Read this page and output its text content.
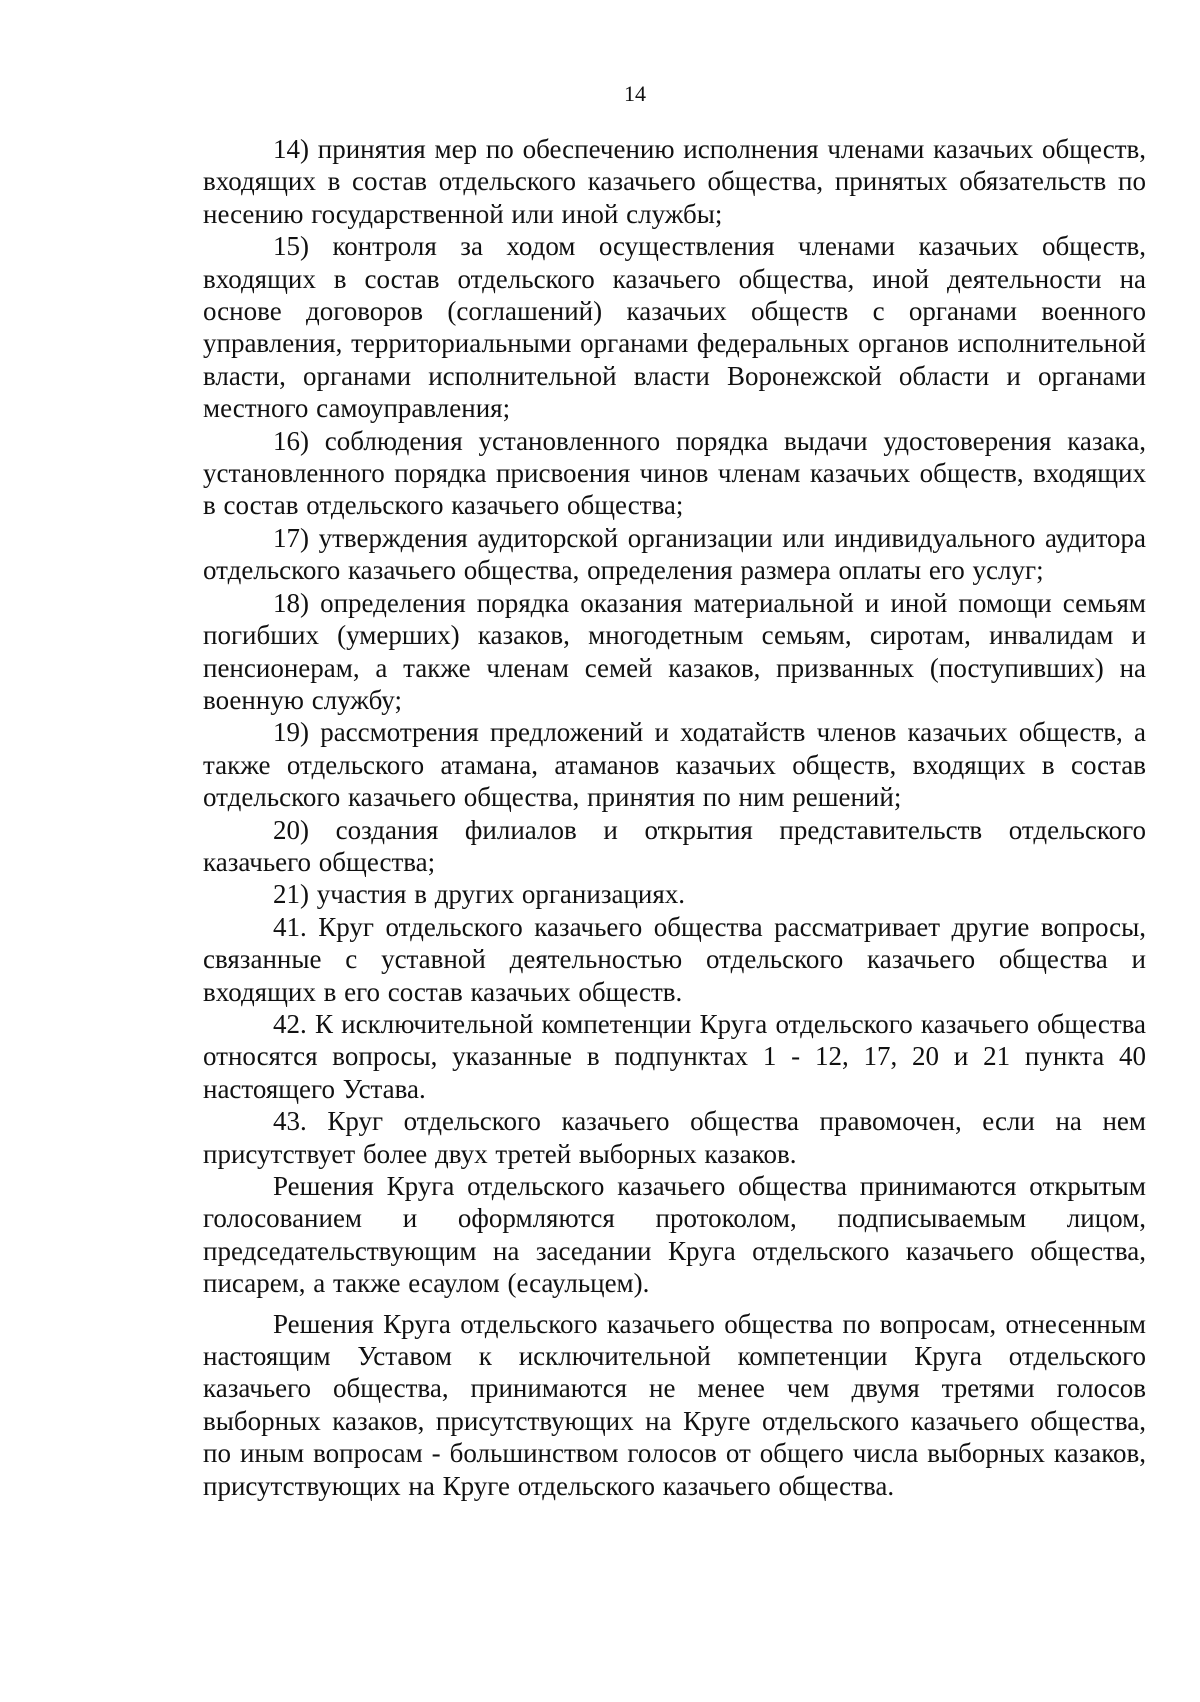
14

14) принятия мер по обеспечению исполнения членами казачьих обществ, входящих в состав отдельского казачьего общества, принятых обязательств по несению государственной или иной службы;

15) контроля за ходом осуществления членами казачьих обществ, входящих в состав отдельского казачьего общества, иной деятельности на основе договоров (соглашений) казачьих обществ с органами военного управления, территориальными органами федеральных органов исполнительной власти, органами исполнительной власти Воронежской области и органами местного самоуправления;

16) соблюдения установленного порядка выдачи удостоверения казака, установленного порядка присвоения чинов членам казачьих обществ, входящих в состав отдельского казачьего общества;

17) утверждения аудиторской организации или индивидуального аудитора отдельского казачьего общества, определения размера оплаты его услуг;

18) определения порядка оказания материальной и иной помощи семьям погибших (умерших) казаков, многодетным семьям, сиротам, инвалидам и пенсионерам, а также членам семей казаков, призванных (поступивших) на военную службу;

19) рассмотрения предложений и ходатайств членов казачьих обществ, а также отдельского атамана, атаманов казачьих обществ, входящих в состав отдельского казачьего общества, принятия по ним решений;

20) создания филиалов и открытия представительств отдельского казачьего общества;

21) участия в других организациях.

41. Круг отдельского казачьего общества рассматривает другие вопросы, связанные с уставной деятельностью отдельского казачьего общества и входящих в его состав казачьих обществ.

42. К исключительной компетенции Круга отдельского казачьего общества относятся вопросы, указанные в подпунктах 1 - 12, 17, 20 и 21 пункта 40 настоящего Устава.

43. Круг отдельского казачьего общества правомочен, если на нем присутствует более двух третей выборных казаков.

Решения Круга отдельского казачьего общества принимаются открытым голосованием и оформляются протоколом, подписываемым лицом, председательствующим на заседании Круга отдельского казачьего общества, писарем, а также есаулом (есаульцем).

Решения Круга отдельского казачьего общества по вопросам, отнесенным настоящим Уставом к исключительной компетенции Круга отдельского казачьего общества, принимаются не менее чем двумя третями голосов выборных казаков, присутствующих на Круге отдельского казачьего общества, по иным вопросам - большинством голосов от общего числа выборных казаков, присутствующих на Круге отдельского казачьего общества.
